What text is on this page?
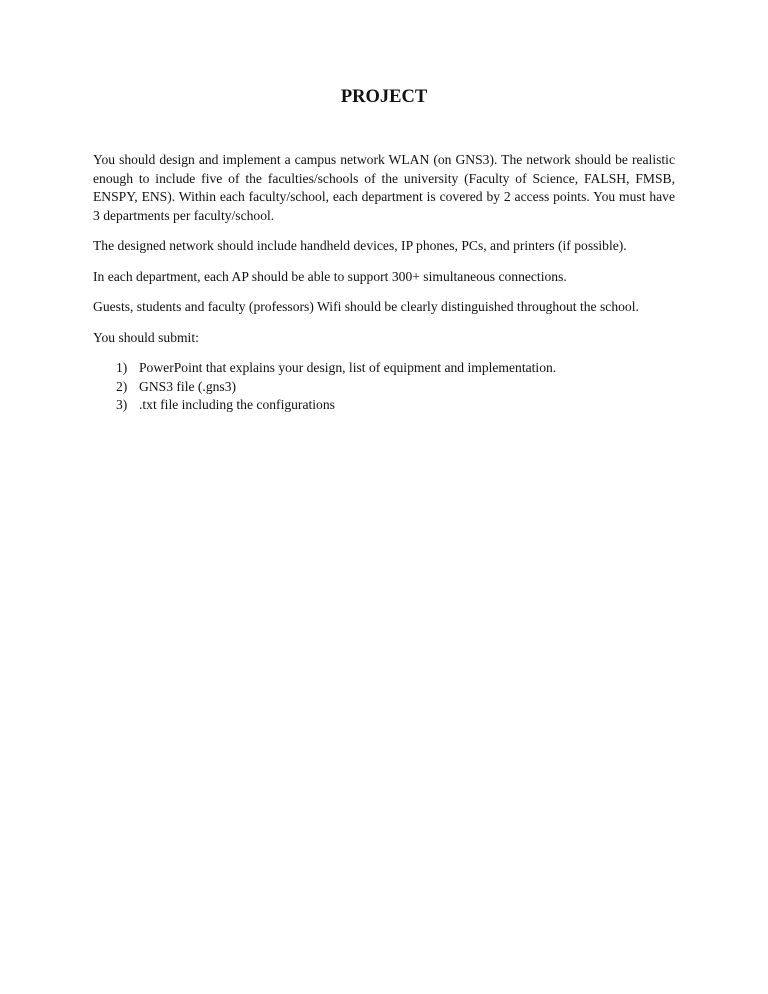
PROJECT

You should design and implement a campus network WLAN (on GNS3). The network should be realistic enough to include five of the faculties/schools of the university (Faculty of Science, FALSH, FMSB, ENSPY, ENS). Within each faculty/school, each department is covered by 2 access points. You must have 3 departments per faculty/school.

The designed network should include handheld devices, IP phones, PCs, and printers (if possible).

In each department, each AP should be able to support 300+ simultaneous connections.

Guests, students and faculty (professors) Wifi should be clearly distinguished throughout the school.

You should submit:

1) PowerPoint that explains your design, list of equipment and implementation.
2) GNS3 file (.gns3)
3) .txt file including the configurations
